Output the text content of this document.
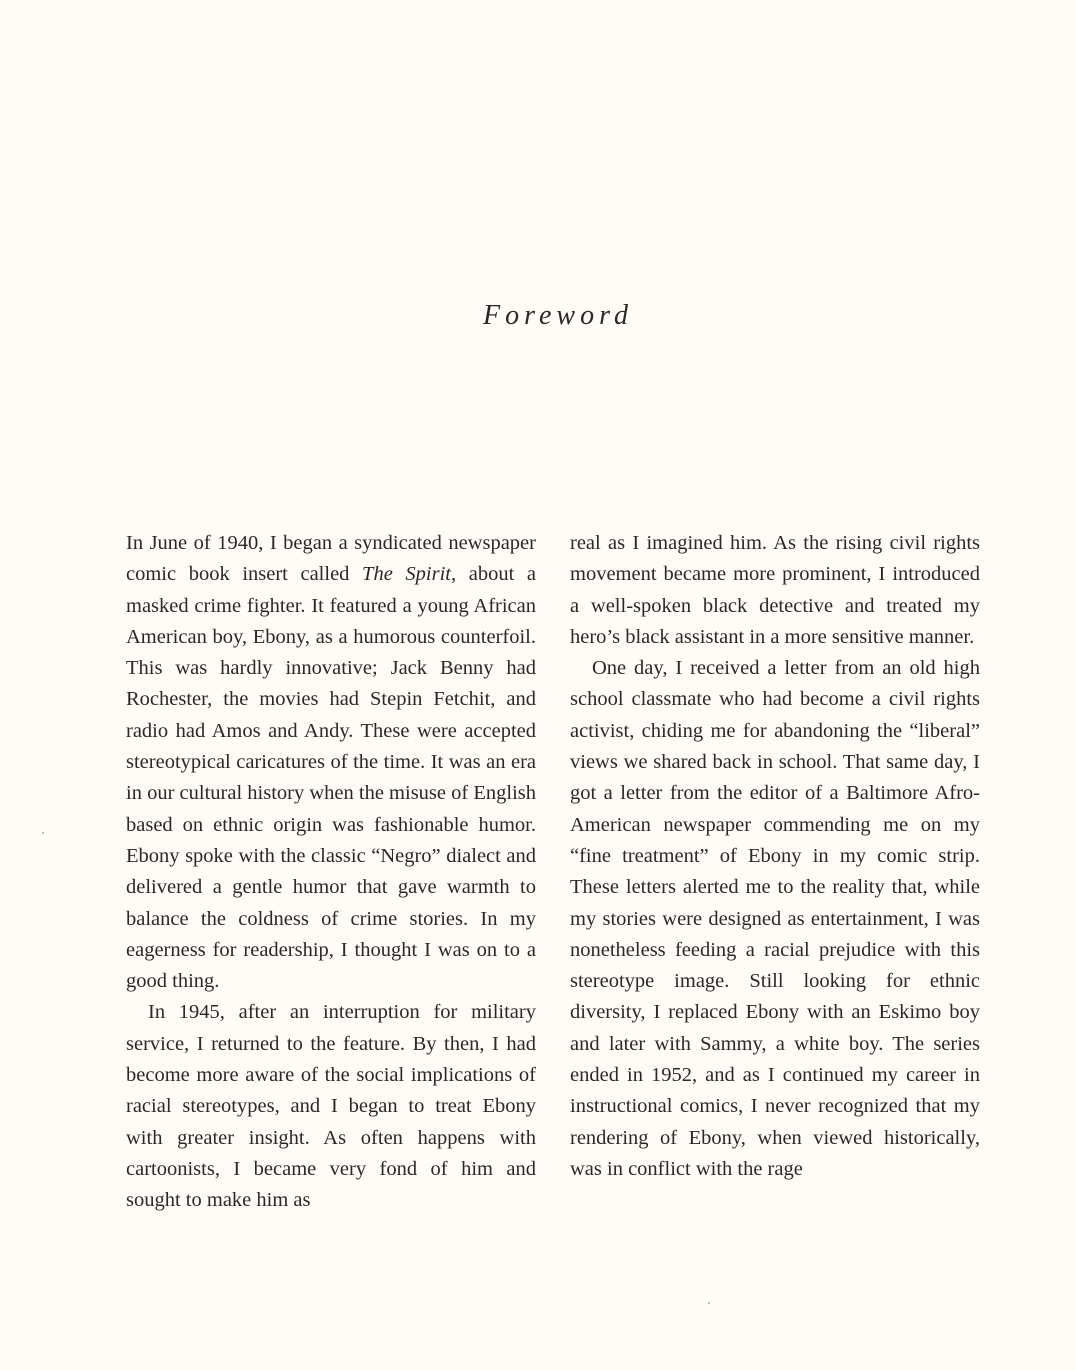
Foreword

In June of 1940, I began a syndicated newspaper comic book insert called The Spirit, about a masked crime fighter. It featured a young African American boy, Ebony, as a humorous counterfoil. This was hardly innovative; Jack Benny had Rochester, the movies had Stepin Fetchit, and radio had Amos and Andy. These were accepted stereotypical caricatures of the time. It was an era in our cultural history when the misuse of English based on ethnic origin was fashionable humor. Ebony spoke with the classic “Negro” dialect and delivered a gentle humor that gave warmth to balance the coldness of crime stories. In my eagerness for readership, I thought I was on to a good thing.

In 1945, after an interruption for military service, I returned to the feature. By then, I had become more aware of the social implications of racial stereotypes, and I began to treat Ebony with greater insight. As often happens with cartoonists, I became very fond of him and sought to make him as

real as I imagined him. As the rising civil rights movement became more prominent, I introduced a well-spoken black detective and treated my hero’s black assistant in a more sensitive manner.

One day, I received a letter from an old high school classmate who had become a civil rights activist, chiding me for abandoning the “liberal” views we shared back in school. That same day, I got a letter from the editor of a Baltimore Afro-American newspaper commending me on my “fine treatment” of Ebony in my comic strip. These letters alerted me to the reality that, while my stories were designed as entertainment, I was nonetheless feeding a racial prejudice with this stereotype image. Still looking for ethnic diversity, I replaced Ebony with an Eskimo boy and later with Sammy, a white boy. The series ended in 1952, and as I continued my career in instructional comics, I never recognized that my rendering of Ebony, when viewed historically, was in conflict with the rage
